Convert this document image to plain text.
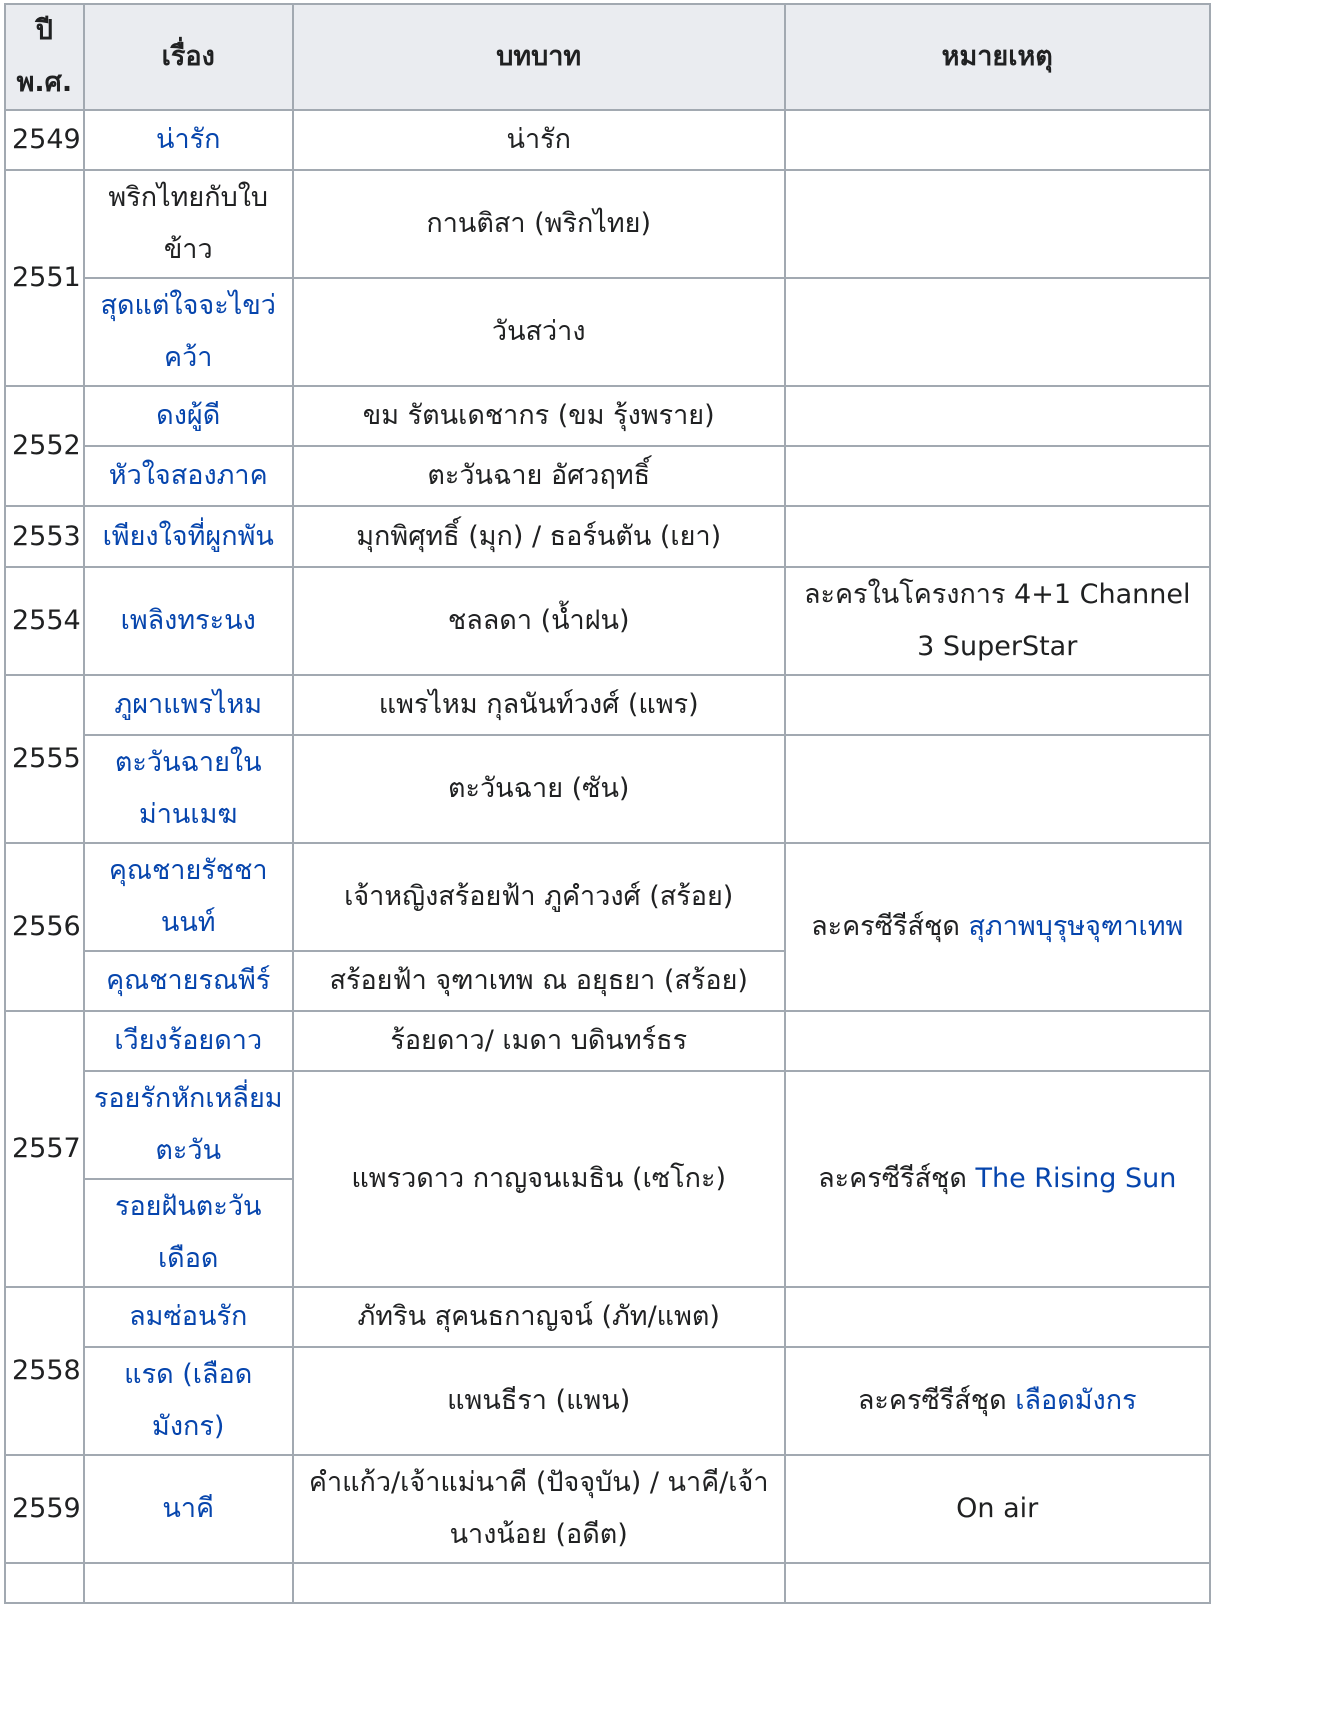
ปี พ.ศ.	เรื่อง	บทบาท	หมายเหตุ
2549	น่ารัก	น่ารัก	
2551	พริกไทยกับใบข้าว	กานติสา (พริกไทย)	
	สุดแต่ใจจะไขว่คว้า	วันสว่าง	
2552	ดงผู้ดี	ขม รัตนเดชากร (ขม รุ้งพราย)	
	หัวใจสองภาค	ตะวันฉาย อัศวฤทธิ์	
2553	เพียงใจที่ผูกพัน	มุกพิศุทธิ์ (มุก) / ธอร์นตัน (เยา)	
2554	เพลิงทระนง	ชลลดา (น้ำฝน)	ละครในโครงการ 4+1 Channel 3 SuperStar
2555	ภูผาแพรไหม	แพรไหม กุลนันท์วงศ์ (แพร)	
	ตะวันฉายในม่านเมฆ	ตะวันฉาย (ซัน)	
2556	คุณชายรัชชานนท์	เจ้าหญิงสร้อยฟ้า ภูคำวงศ์ (สร้อย)	ละครซีรีส์ชุด สุภาพบุรุษจุฑาเทพ
	คุณชายรณพีร์	สร้อยฟ้า จุฑาเทพ ณ อยุธยา (สร้อย)	
2557	เวียงร้อยดาว	ร้อยดาว/ เมดา บดินทร์ธร	
	รอยรักหักเหลี่ยมตะวัน	แพรวดาว กาญจนเมธิน (เซโกะ)	ละครซีรีส์ชุด The Rising Sun
	รอยฝันตะวันเดือด		
2558	ลมซ่อนรัก	ภัทริน สุคนธกาญจน์ (ภัท/แพต)	
	แรด (เลือดมังกร)	แพนธีรา (แพน)	ละครซีรีส์ชุด เลือดมังกร
2559	นาคี	คำแก้ว/เจ้าแม่นาคี (ปัจจุบัน) / นาคี/เจ้านางน้อย (อดีต)	On air
